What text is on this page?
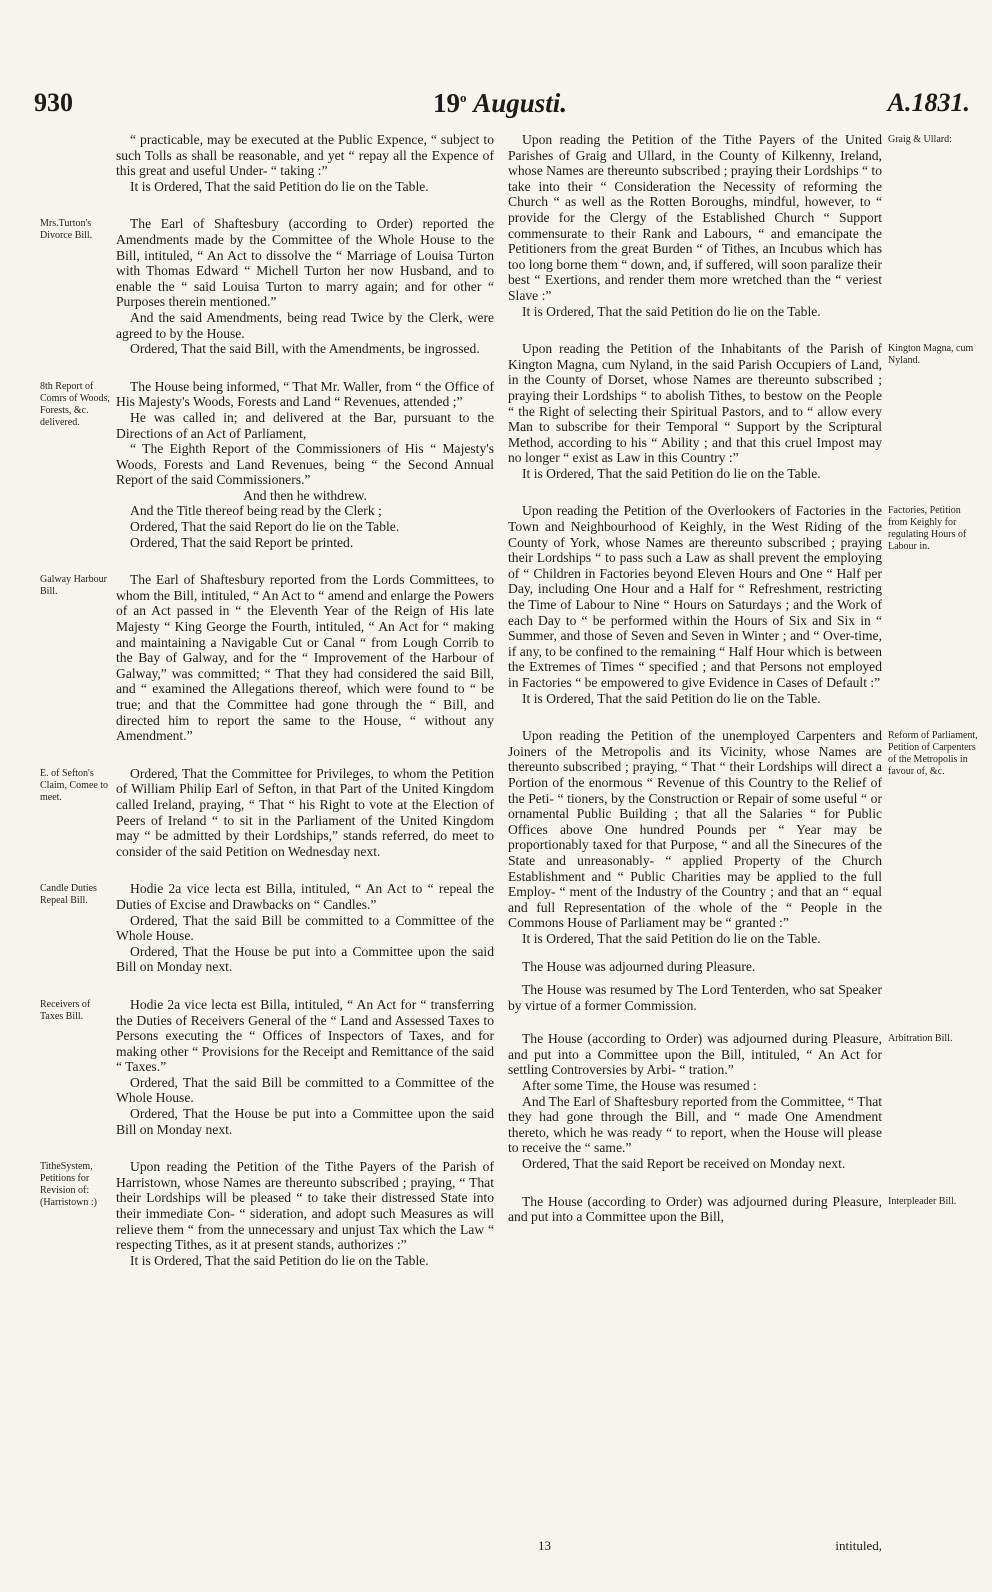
930	19$^o$ Augusti.	A.1831.

“ practicable, may be executed at the Public Expence, “ subject to such Tolls as shall be reasonable, and yet “ repay all the Expence of this great and useful Under- “ taking :”

It is Ordered, That the said Petition do lie on the Table.

The Earl of Shaftesbury (according to Order) reported the Amendments made by the Committee of the Whole House to the Bill, intituled, “ An Act to dissolve the “ Marriage of Louisa Turton with Thomas Edward “ Michell Turton her now Husband, and to enable the “ said Louisa Turton to marry again; and for other “ Purposes therein mentioned.”

And the said Amendments, being read Twice by the Clerk, were agreed to by the House.

Ordered, That the said Bill, with the Amendments, be ingrossed.

The House being informed, “ That Mr. Waller, from “ the Office of His Majesty's Woods, Forests and Land “ Revenues, attended ;”

He was called in; and delivered at the Bar, pursuant to the Directions of an Act of Parliament,

“ The Eighth Report of the Commissioners of His “ Majesty's Woods, Forests and Land Revenues, being “ the Second Annual Report of the said Commissioners.”

And then he withdrew.

And the Title thereof being read by the Clerk ;

Ordered, That the said Report do lie on the Table.

Ordered, That the said Report be printed.

The Earl of Shaftesbury reported from the Lords Committees, to whom the Bill, intituled, “ An Act to “ amend and enlarge the Powers of an Act passed in “ the Eleventh Year of the Reign of His late Majesty “ King George the Fourth, intituled, “ An Act for “ making and maintaining a Navigable Cut or Canal “ from Lough Corrib to the Bay of Galway, and for the “ Improvement of the Harbour of Galway,” was committed; “ That they had considered the said Bill, and “ examined the Allegations thereof, which were found to “ be true; and that the Committee had gone through the “ Bill, and directed him to report the same to the House, “ without any Amendment.”

Ordered, That the Committee for Privileges, to whom the Petition of William Philip Earl of Sefton, in that Part of the United Kingdom called Ireland, praying, “ That “ his Right to vote at the Election of Peers of Ireland “ to sit in the Parliament of the United Kingdom may “ be admitted by their Lordships,” stands referred, do meet to consider of the said Petition on Wednesday next.

Hodie 2a vice lecta est Billa, intituled, “ An Act to “ repeal the Duties of Excise and Drawbacks on “ Candles.”

Ordered, That the said Bill be committed to a Committee of the Whole House.

Ordered, That the House be put into a Committee upon the said Bill on Monday next.

Hodie 2a vice lecta est Billa, intituled, “ An Act for “ transferring the Duties of Receivers General of the “ Land and Assessed Taxes to Persons executing the “ Offices of Inspectors of Taxes, and for making other “ Provisions for the Receipt and Remittance of the said “ Taxes.”

Ordered, That the said Bill be committed to a Committee of the Whole House.

Ordered, That the House be put into a Committee upon the said Bill on Monday next.

Upon reading the Petition of the Tithe Payers of the Parish of Harristown, whose Names are thereunto subscribed ; praying, “ That their Lordships will be pleased “ to take their distressed State into their immediate Con- “ sideration, and adopt such Measures as will relieve them “ from the unnecessary and unjust Tax which the Law “ respecting Tithes, as it at present stands, authorizes :”

It is Ordered, That the said Petition do lie on the Table.

Upon reading the Petition of the Tithe Payers of the United Parishes of Graig and Ullard, in the County of Kilkenny, Ireland, whose Names are thereunto subscribed ; praying their Lordships “ to take into their “ Consideration the Necessity of reforming the Church “ as well as the Rotten Boroughs, mindful, however, to “ provide for the Clergy of the Established Church “ Support commensurate to their Rank and Labours, “ and emancipate the Petitioners from the great Burden “ of Tithes, an Incubus which has too long borne them “ down, and, if suffered, will soon paralize their best “ Exertions, and render them more wretched than the “ veriest Slave :”

It is Ordered, That the said Petition do lie on the Table.

Upon reading the Petition of the Inhabitants of the Parish of Kington Magna, cum Nyland, in the said Parish Occupiers of Land, in the County of Dorset, whose Names are thereunto subscribed ; praying their Lordships “ to abolish Tithes, to bestow on the People “ the Right of selecting their Spiritual Pastors, and to “ allow every Man to subscribe for their Temporal “ Support by the Scriptural Method, according to his “ Ability ; and that this cruel Impost may no longer “ exist as Law in this Country :”

It is Ordered, That the said Petition do lie on the Table.

Upon reading the Petition of the Overlookers of Factories in the Town and Neighbourhood of Keighly, in the West Riding of the County of York, whose Names are thereunto subscribed ; praying their Lordships “ to pass such a Law as shall prevent the employing of “ Children in Factories beyond Eleven Hours and One “ Half per Day, including One Hour and a Half for “ Refreshment, restricting the Time of Labour to Nine “ Hours on Saturdays ; and the Work of each Day to “ be performed within the Hours of Six and Six in “ Summer, and those of Seven and Seven in Winter ; and “ Over-time, if any, to be confined to the remaining “ Half Hour which is between the Extremes of Times “ specified ; and that Persons not employed in Factories “ be empowered to give Evidence in Cases of Default :”

It is Ordered, That the said Petition do lie on the Table.

Upon reading the Petition of the unemployed Carpenters and Joiners of the Metropolis and its Vicinity, whose Names are thereunto subscribed ; praying, “ That “ their Lordships will direct a Portion of the enormous “ Revenue of this Country to the Relief of the Peti- “ tioners, by the Construction or Repair of some useful “ or ornamental Public Building ; that all the Salaries “ for Public Offices above One hundred Pounds per “ Year may be proportionably taxed for that Purpose, “ and all the Sinecures of the State and unreasonably- “ applied Property of the Church Establishment and “ Public Charities may be applied to the full Employ- “ ment of the Industry of the Country ; and that an “ equal and full Representation of the whole of the “ People in the Commons House of Parliament may be “ granted :”

It is Ordered, That the said Petition do lie on the Table.

The House was adjourned during Pleasure.

The House was resumed by The Lord Tenterden, who sat Speaker by virtue of a former Commission.

The House (according to Order) was adjourned during Pleasure, and put into a Committee upon the Bill, intituled, “ An Act for settling Controversies by Arbi- “ tration.”

After some Time, the House was resumed :

And The Earl of Shaftesbury reported from the Committee, “ That they had gone through the Bill, and “ made One Amendment thereto, which he was ready “ to report, when the House will please to receive the “ same.”

Ordered, That the said Report be received on Monday next.

The House (according to Order) was adjourned during Pleasure, and put into a Committee upon the Bill,

Mrs.Turton's Divorce Bill.
8th Report of Comrs of Woods, Forests, &c. delivered.
Galway Harbour Bill.
E. of Sefton's Claim, Comee to meet.
Candle Duties Repeal Bill.
Receivers of Taxes Bill.
TitheSystem, Petitions for Revision of: (Harristown :)
Graig & Ullard:
Kington Magna, cum Nyland.
Factories, Petition from Keighly for regulating Hours of Labour in.
Reform of Parliament, Petition of Carpenters of the Metropolis in favour of, &c.
Arbitration Bill.
Interpleader Bill.
13	intituled,
